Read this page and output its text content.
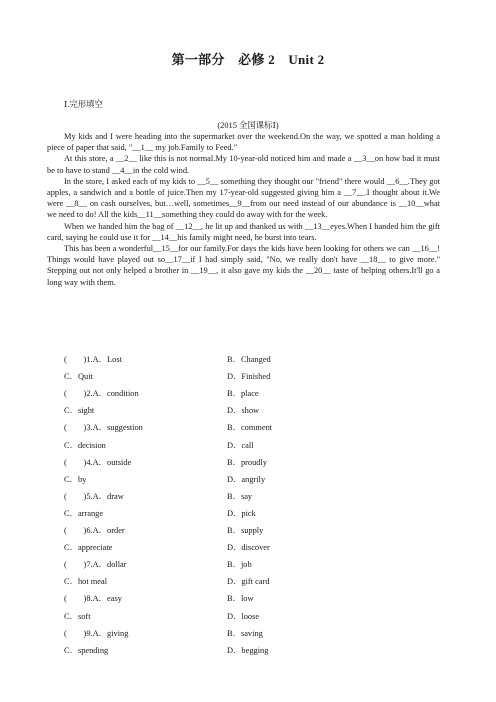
第一部分　必修 2　Unit 2
Ⅰ.完形填空
(2015 全国课标Ⅰ)

My kids and I were heading into the supermarket over the weekend.On the way, we spotted a man holding a piece of paper that said, "__1__ my job.Family to Feed."

At this store, a __2__ like this is not normal.My 10-year-old noticed him and made a __3__on how bad it must be to have to stand __4__in the cold wind.

In the store, I asked each of my kids to __5__ something they thought our "friend" there would __6__.They got apples, a sandwich and a bottle of juice.Then my 17-year-old suggested giving him a __7__.I thought about it.We were __8__ on cash ourselves, but…well, sometimes__9__from our need instead of our abundance is __10__what we need to do! All the kids__11__something they could do away with for the week.

When we handed him the bag of __12__, he lit up and thanked us with __13__eyes.When I handed him the gift card, saying he could use it for __14__his family might need, he burst into tears.

This has been a wonderful__15__for our family.For days the kids have been looking for others we can __16__! Things would have played out so__17__if I had simply said, "No, we really don't have __18__ to give more." Stepping out not only helped a brother in __19__, it also gave my kids the __20__ taste of helping others.It'll go a long way with them.

(　　)1.A．Lost	B．Changed
C．Quit	D．Finished
(　　)2.A．condition	B．place
C．sight	D．show
(　　)3.A．suggestion	B．comment
C．decision	D．call
(　　)4.A．outside	B．proudly
C．by	D．angrily
(　　)5.A．draw	B．say
C．arrange	D．pick
(　　)6.A．order	B．supply
C．appreciate	D．discover
(　　)7.A．dollar	B．job
C．hot meal	D．gift card
(　　)8.A．easy	B．low
C．soft	D．loose
(　　)9.A．giving	B．saving
C．spending	D．begging
